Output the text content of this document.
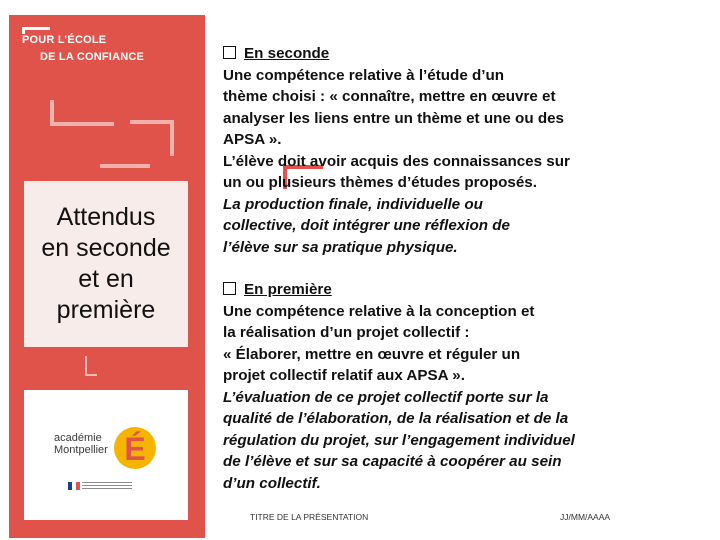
POUR L’ÉCOLE
DE LA CONFIANCE
Attendus
en seconde
et en
première
académie
Montpellier É
En seconde
Une compétence relative à l’étude d’un
thème choisi : « connaître, mettre en œuvre et
analyser les liens entre un thème et une ou des
APSA ».
L’élève doit avoir acquis des connaissances sur
un ou plusieurs thèmes d’études proposés.
La production finale, individuelle ou
collective, doit intégrer une réflexion de
l’élève sur sa pratique physique.
En première
Une compétence relative à la conception et
la réalisation d’un projet collectif :
« Élaborer, mettre en œuvre et réguler un
projet collectif relatif aux APSA ».
L’évaluation de ce projet collectif porte sur la
qualité de l’élaboration, de la réalisation et de la
régulation du projet, sur l’engagement individuel
de l’élève et sur sa capacité à coopérer au sein
d’un collectif.
TITRE DE LA PRÉSENTATION	JJ/MM/AAAA
